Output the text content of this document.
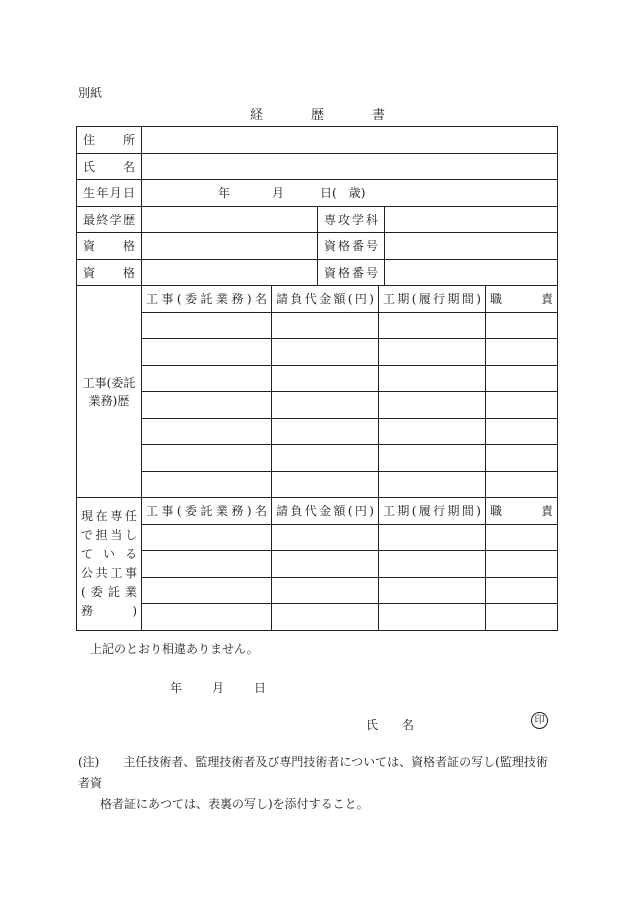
別紙
経	歴	書
住　所			

氏　名			

生年月日	年 月 日( 歳)		

最終学歴		専攻学科	

資　格		資格番号	

資　格		資格番号	

工事(委託
業務)歴	工事(委託業務)名	請負代金額(円)	工期(履行期間)	職　　責

現在専任
で担当し
ている
公共工事
(委託業務)	工事(委託業務)名	請負代金額(円)	工期(履行期間)	職　　責

上記のとおり相違ありません。
年	月	日
氏　　名	印
(注)　　 主任技術者、監理技術者及び専門技術者については、資格者証の写し(監理技術者資
格者証にあつては、表裏の写し)を添付すること。
